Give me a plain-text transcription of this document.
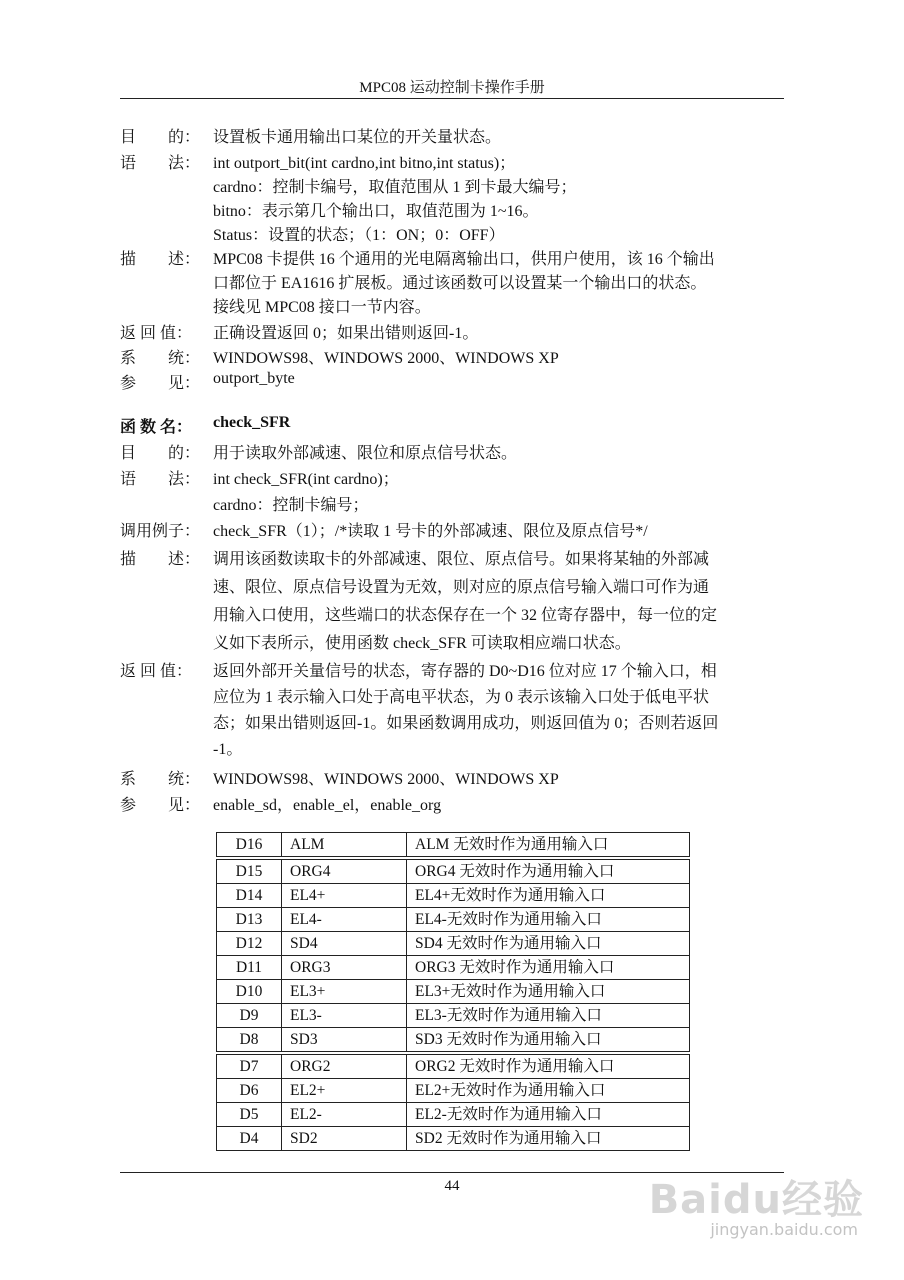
MPC08 运动控制卡操作手册
目　　的： 设置板卡通用输出口某位的开关量状态。
语　　法： int outport_bit(int cardno,int bitno,int status)；
cardno：控制卡编号，取值范围从 1 到卡最大编号；
bitno：表示第几个输出口，取值范围为 1~16。
Status：设置的状态；（1：ON；0：OFF）
描　　述： MPC08 卡提供 16 个通用的光电隔离输出口，供用户使用，该 16 个输出
口都位于 EA1616 扩展板。通过该函数可以设置某一个输出口的状态。
接线见 MPC08 接口一节内容。
返 回 值：	正确设置返回 0；如果出错则返回-1。
系　　统： WINDOWS98、WINDOWS 2000、WINDOWS XP
参　　见： outport_byte
函 数 名：	check_SFR
目　　的： 用于读取外部减速、限位和原点信号状态。
语　　法： int check_SFR(int cardno)；
cardno：控制卡编号；
调用例子： check_SFR（1）；/*读取 1 号卡的外部减速、限位及原点信号*/
描　　述： 调用该函数读取卡的外部减速、限位、原点信号。如果将某轴的外部减
速、限位、原点信号设置为无效，则对应的原点信号输入端口可作为通
用输入口使用，这些端口的状态保存在一个 32 位寄存器中，每一位的定
义如下表所示，使用函数 check_SFR 可读取相应端口状态。
返 回 值：	返回外部开关量信号的状态，寄存器的 D0~D16 位对应 17 个输入口，相
应位为 1 表示输入口处于高电平状态，为 0 表示该输入口处于低电平状
态；如果出错则返回-1。如果函数调用成功，则返回值为 0；否则若返回
-1。
系　　统： WINDOWS98、WINDOWS 2000、WINDOWS XP
参　　见： enable_sd，enable_el，enable_org
D16	ALM	ALM 无效时作为通用输入口
D15	ORG4	ORG4 无效时作为通用输入口
D14	EL4+	EL4+无效时作为通用输入口
D13	EL4-	EL4-无效时作为通用输入口
D12	SD4	SD4 无效时作为通用输入口
D11	ORG3	ORG3 无效时作为通用输入口
D10	EL3+	EL3+无效时作为通用输入口
D9	EL3-	EL3-无效时作为通用输入口
D8	SD3	SD3 无效时作为通用输入口
D7	ORG2	ORG2 无效时作为通用输入口
D6	EL2+	EL2+无效时作为通用输入口
D5	EL2-	EL2-无效时作为通用输入口
D4	SD2	SD2 无效时作为通用输入口
44	Baidu经验
jingyan.baidu.com
